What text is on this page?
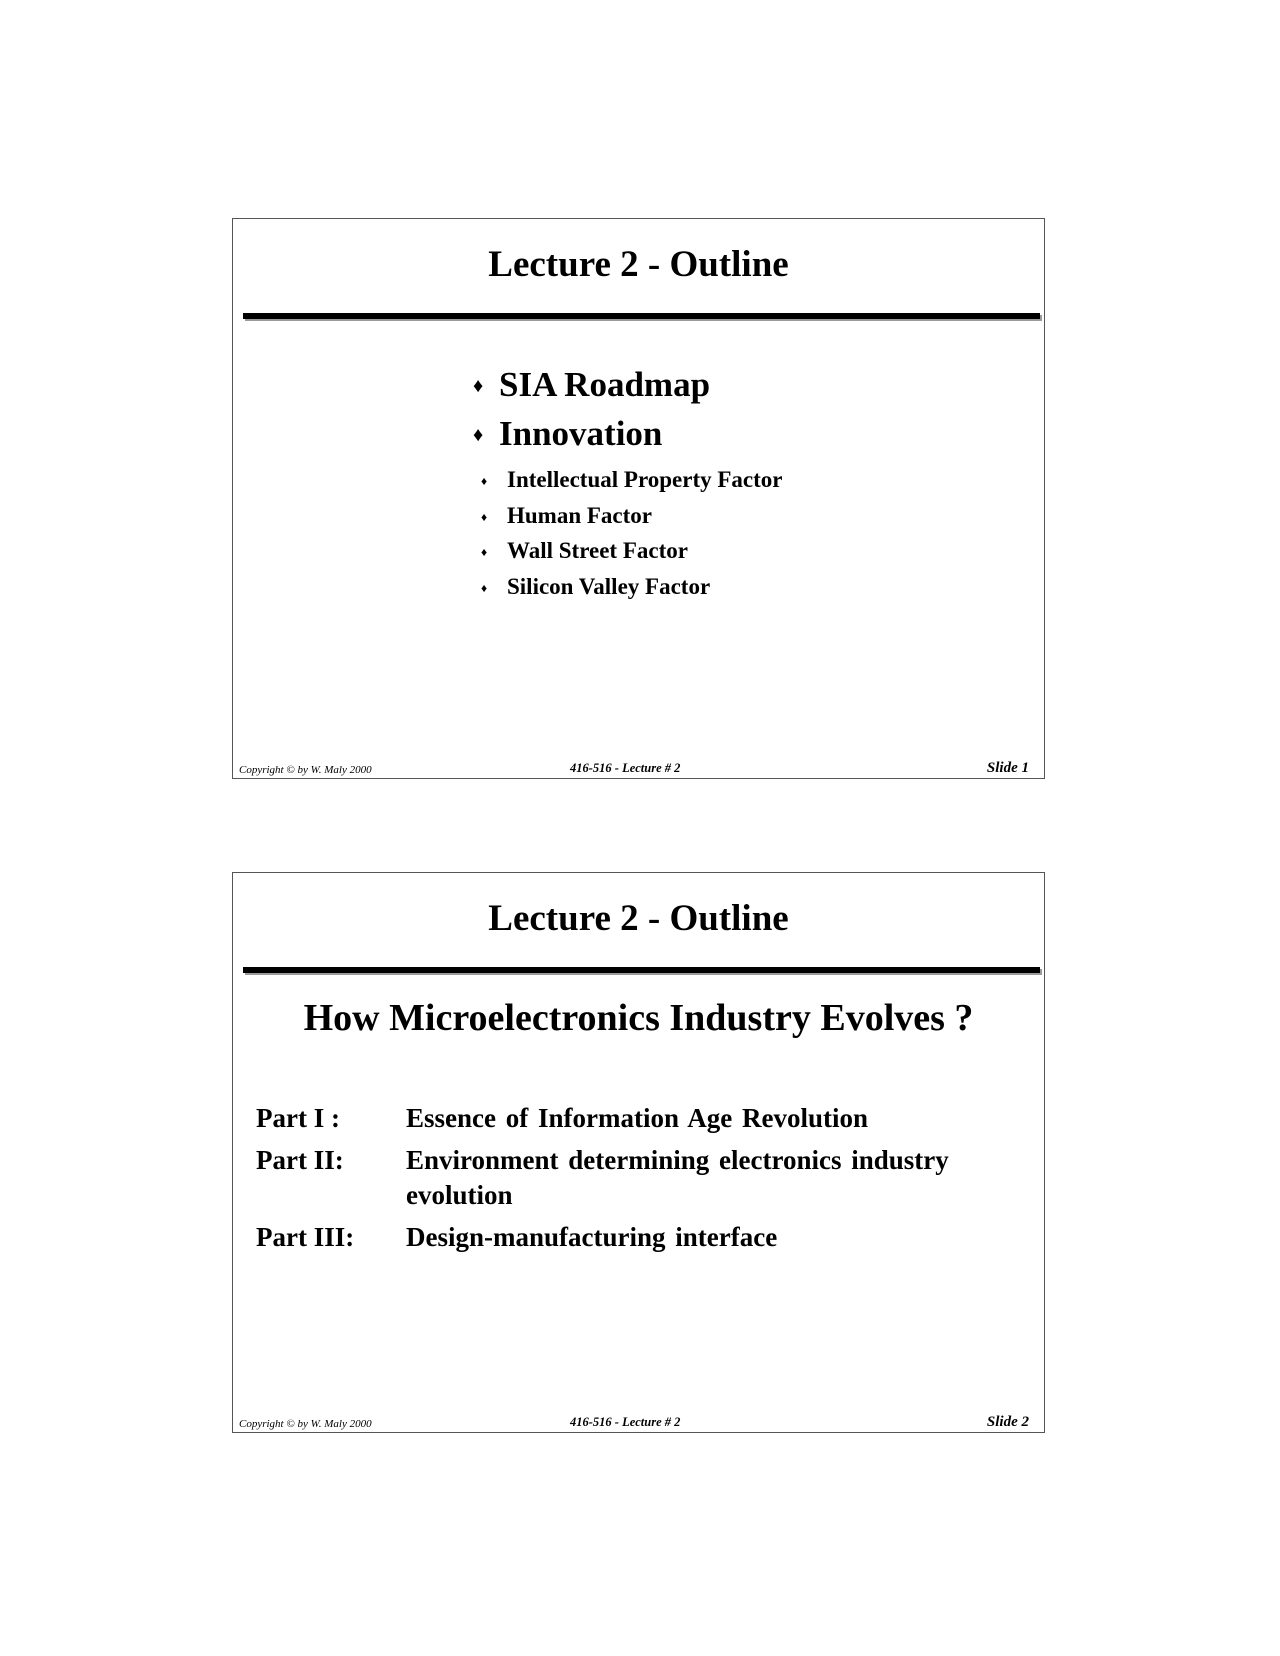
Lecture 2 - Outline
♦ SIA Roadmap
♦ Innovation
♦ Intellectual Property Factor
♦ Human Factor
♦ Wall Street Factor
♦ Silicon Valley Factor
Copyright © by W. Maly 2000	416-516 - Lecture # 2	Slide 1
Lecture 2 - Outline
How Microelectronics Industry Evolves ?
Part I :	Essence of Information Age Revolution
Part II:	Environment determining electronics industry evolution
Part III:	Design-manufacturing interface
Copyright © by W. Maly 2000	416-516 - Lecture # 2	Slide 2
